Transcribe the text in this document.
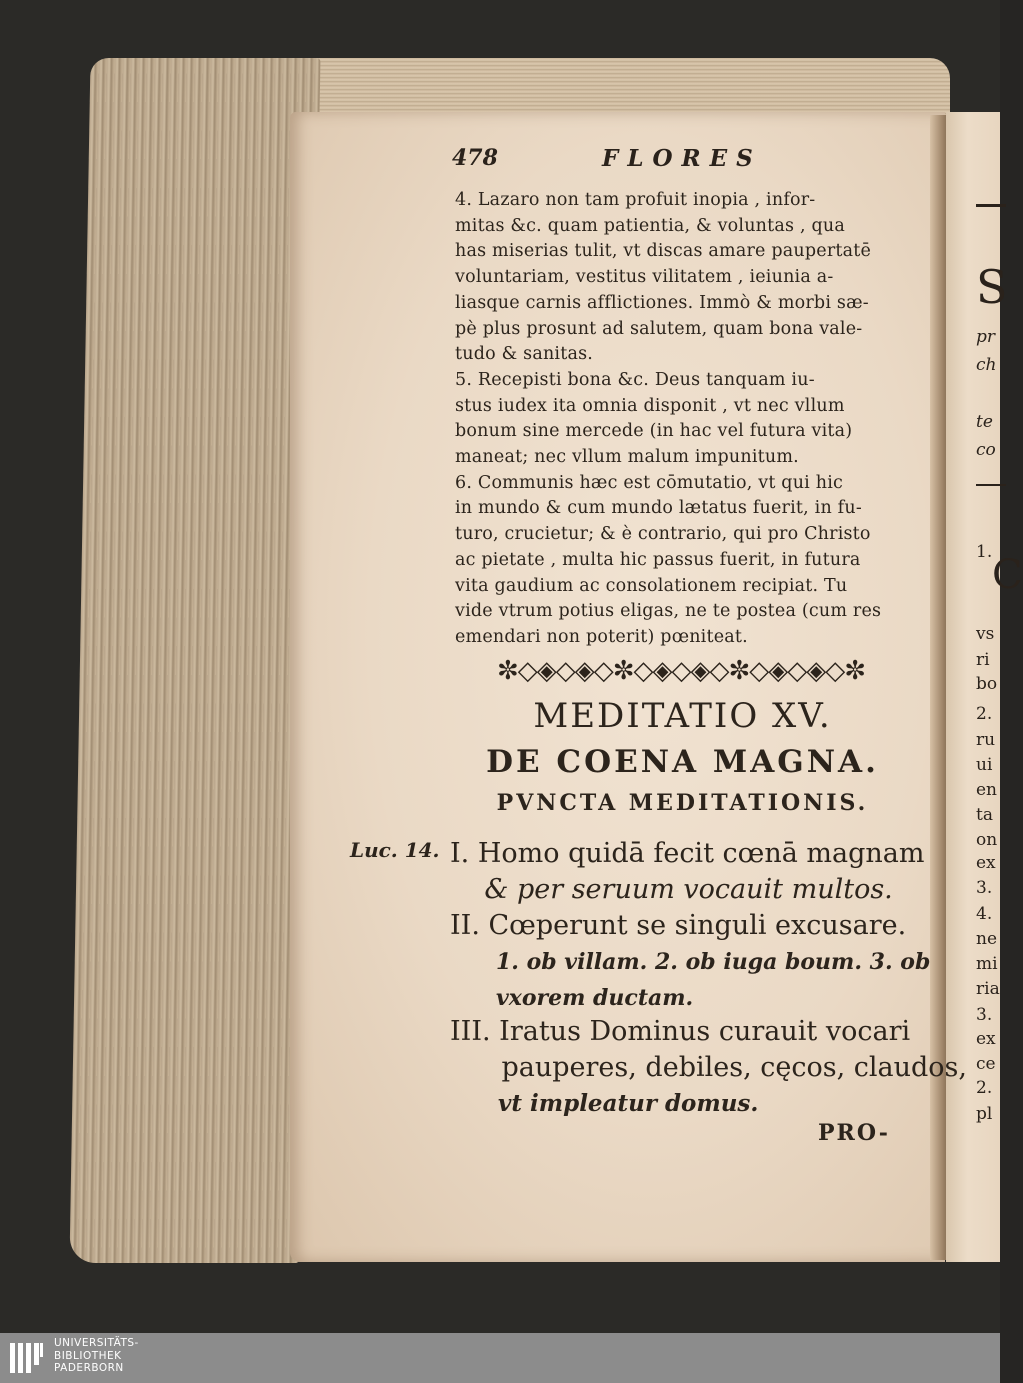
S
pr
ch
te
co
1. C
vs
ri
bo
2.
ru
ui
en
ta
on
ex
3.
4.
ne
mi
ria
3.
ex
ce
2.
pl
478	FLORES
4. Lazaro non tam profuit inopia , infor-
mitas &c. quam patientia, & voluntas , qua
has miserias tulit, vt discas amare paupertatē
voluntariam, vestitus vilitatem , ieiunia a-
liasque carnis afflictiones. Immò & morbi sæ-
pè plus prosunt ad salutem, quam bona vale-
tudo & sanitas.
5. Recepisti bona &c. Deus tanquam iu-
stus iudex ita omnia disponit , vt nec vllum
bonum sine mercede (in hac vel futura vita)
maneat; nec vllum malum impunitum.
6. Communis hæc est cōmutatio, vt qui hic
in mundo & cum mundo lætatus fuerit, in fu-
turo, crucietur; & è contrario, qui pro Christo
ac pietate , multa hic passus fuerit, in futura
vita gaudium ac consolationem recipiat. Tu
vide vtrum potius eligas, ne te postea (cum res
emendari non poterit) pœniteat.
✼◇◈◇◈◇✼◇◈◇◈◇✼◇◈◇◈◇✼
MEDITATIO XV.
DE COENA MAGNA.
PVNCTA MEDITATIONIS.
Luc. 14. I. Homo quidā fecit cœnā magnam
& per seruum vocauit multos.
II. Cœperunt se singuli excusare.
1. ob villam. 2. ob iuga boum. 3. ob
vxorem ductam.
III. Iratus Dominus curauit vocari
pauperes, debiles, cęcos, claudos,
vt impleatur domus.
PRO-
UNIVERSITÄTS-
BIBLIOTHEK
PADERBORN
